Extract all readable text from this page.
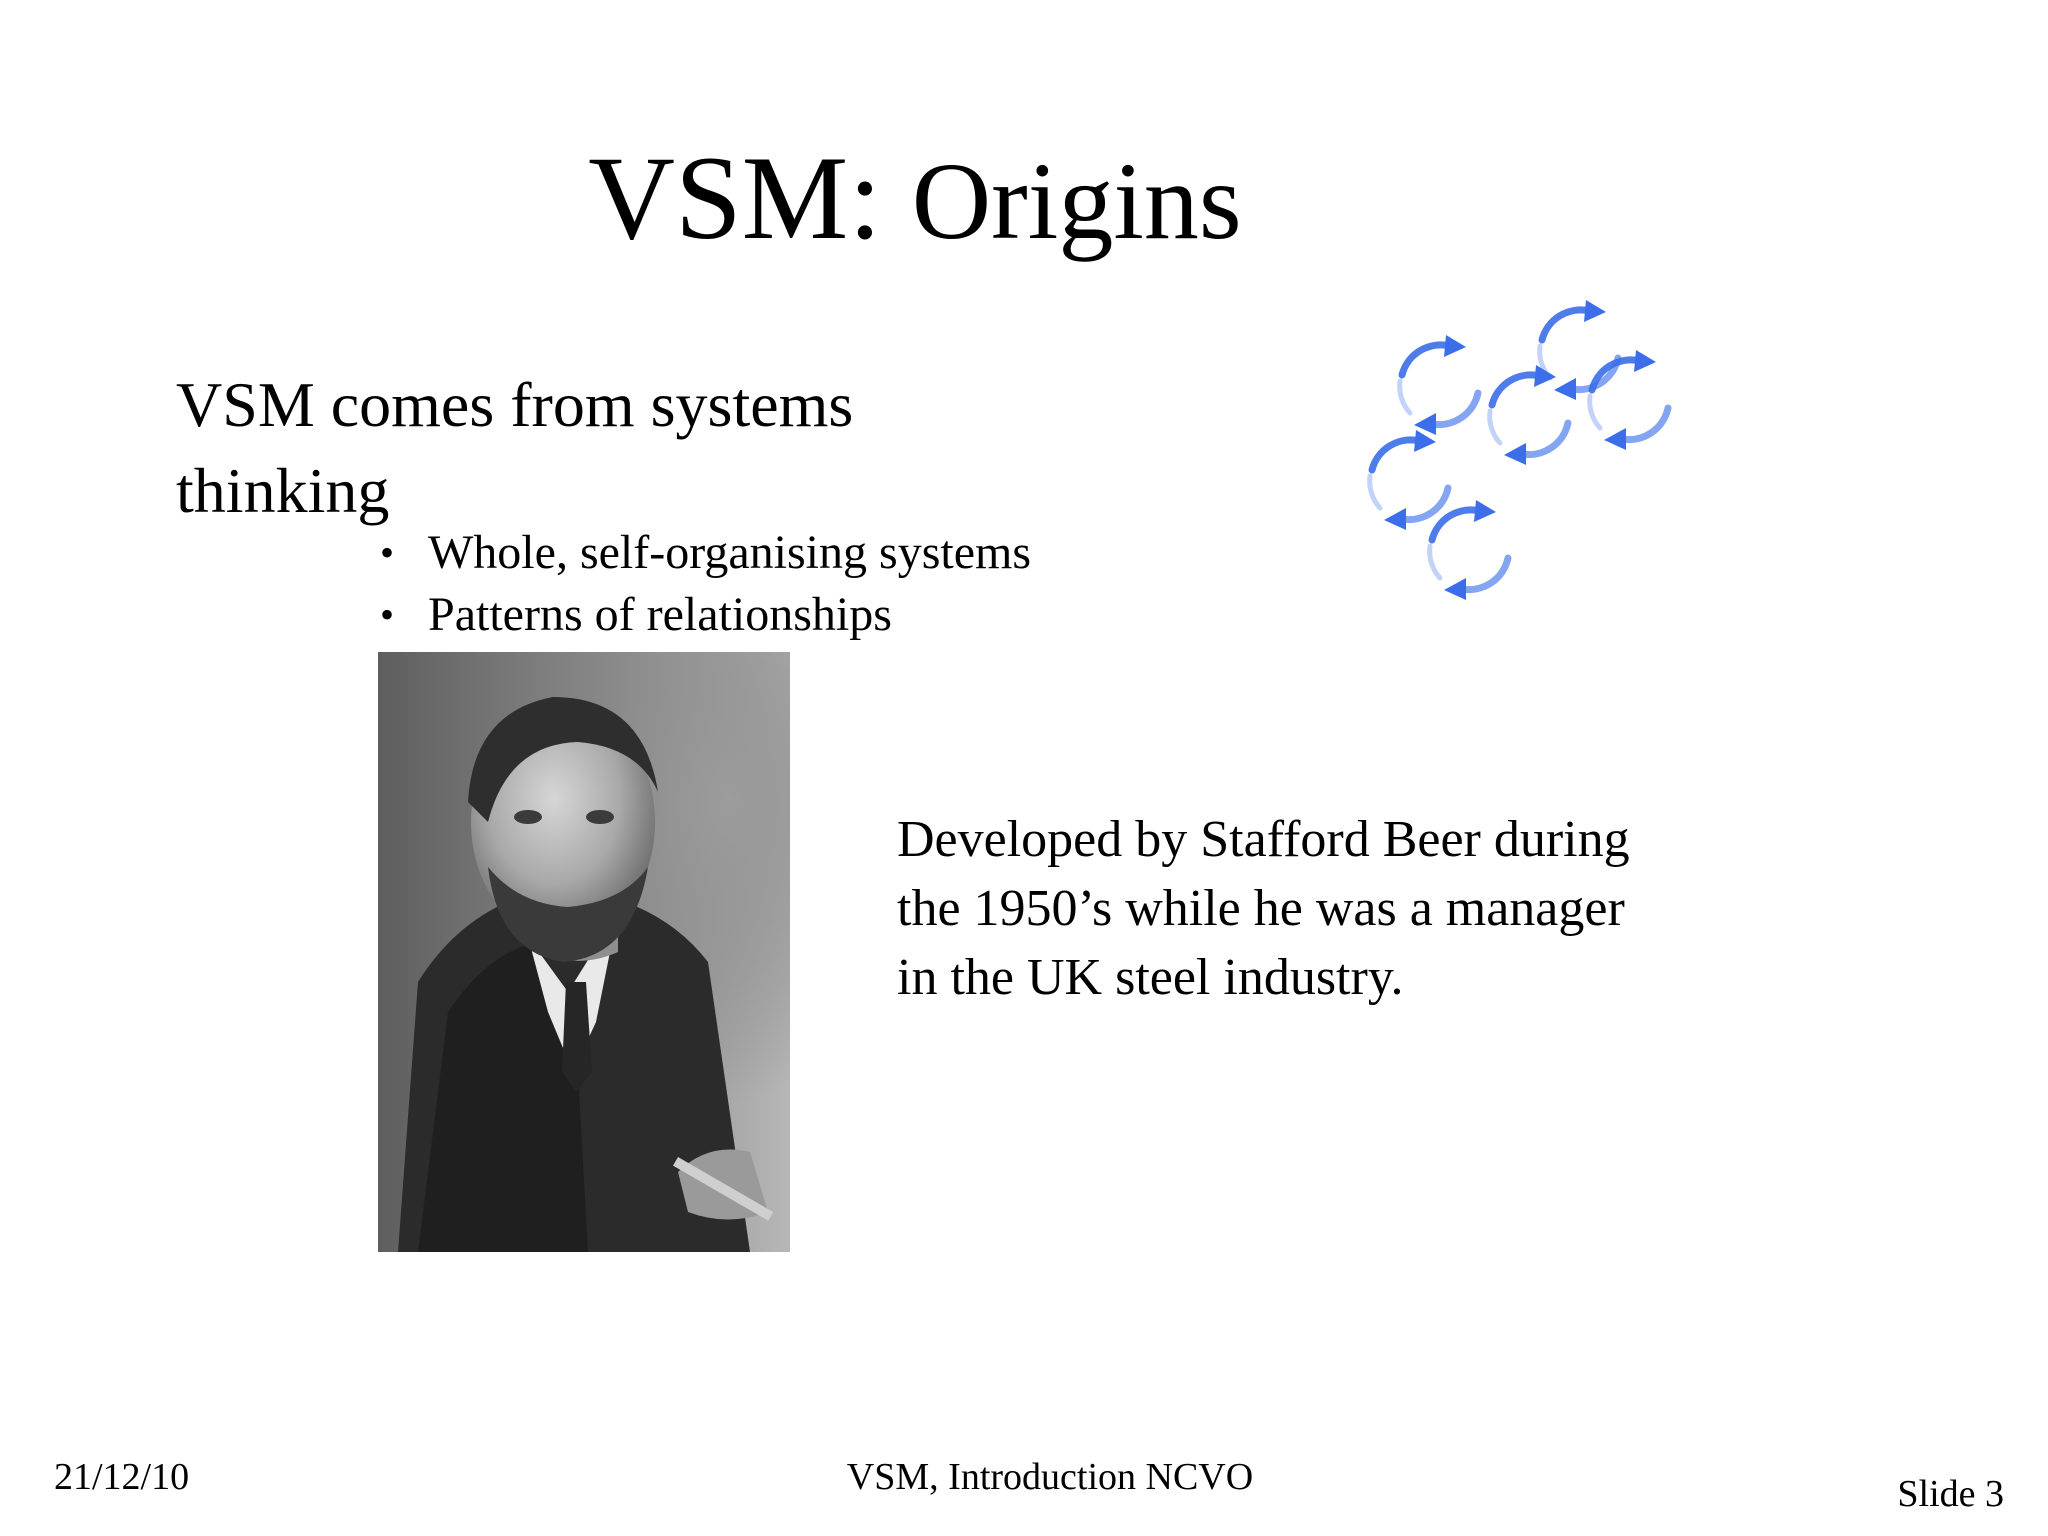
VSM: Origins
VSM comes from systems thinking
• Whole, self-organising systems
• Patterns of relationships
Developed by Stafford Beer during the 1950’s while he was a manager in the UK steel industry.
21/12/10	VSM, Introduction NCVO	Slide 3
